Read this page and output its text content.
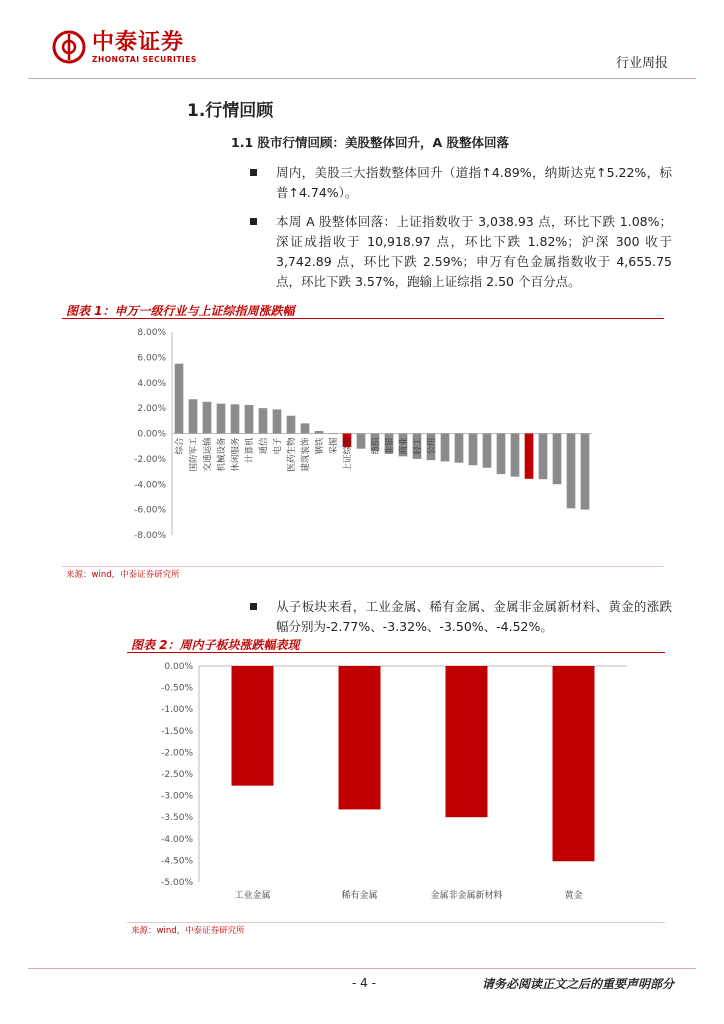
中泰证券
ZHONGTAI SECURITIES	行业周报
1.行情回顾
1.1 股市行情回顾：美股整体回升，A 股整体回落
周内，美股三大指数整体回升（道指↑4.89%，纳斯达克↑5.22%，标普↑4.74%）。
本周 A 股整体回落：上证指数收于 3,038.93 点，环比下跌 1.08%；深证成指收于 10,918.97 点，环比下跌 1.82%；沪深 300 收于 3,742.89 点，环比下跌 2.59%；申万有色金属指数收于 4,655.75 点，环比下跌 3.57%，跑输上证综指 2.50 个百分点。
图表 1：申万一级行业与上证综指周涨跌幅
8.00%
6.00%
4.00%
2.00%
0.00%
-2.00%
-4.00%
-6.00%
-8.00%
综合 国防军工 交通运输 机械设备 休闲服务 计算机 通信 电子 医药生物 建筑装饰 钢铁 采掘 上证综指 纺织 非银 商业 轻工 公用
来源：wind，中泰证券研究所
从子板块来看，工业金属、稀有金属、金属非金属新材料、黄金的涨跌幅分别为-2.77%、-3.32%、-3.50%、-4.52%。
图表 2：周内子板块涨跌幅表现
0.00%
-0.50%
-1.00%
-1.50%
-2.00%
-2.50%
-3.00%
-3.50%
-4.00%
-4.50%
-5.00%
工业金属	稀有金属	金属非金属新材料	黄金
来源：wind，中泰证券研究所
- 4 -	请务必阅读正文之后的重要声明部分
